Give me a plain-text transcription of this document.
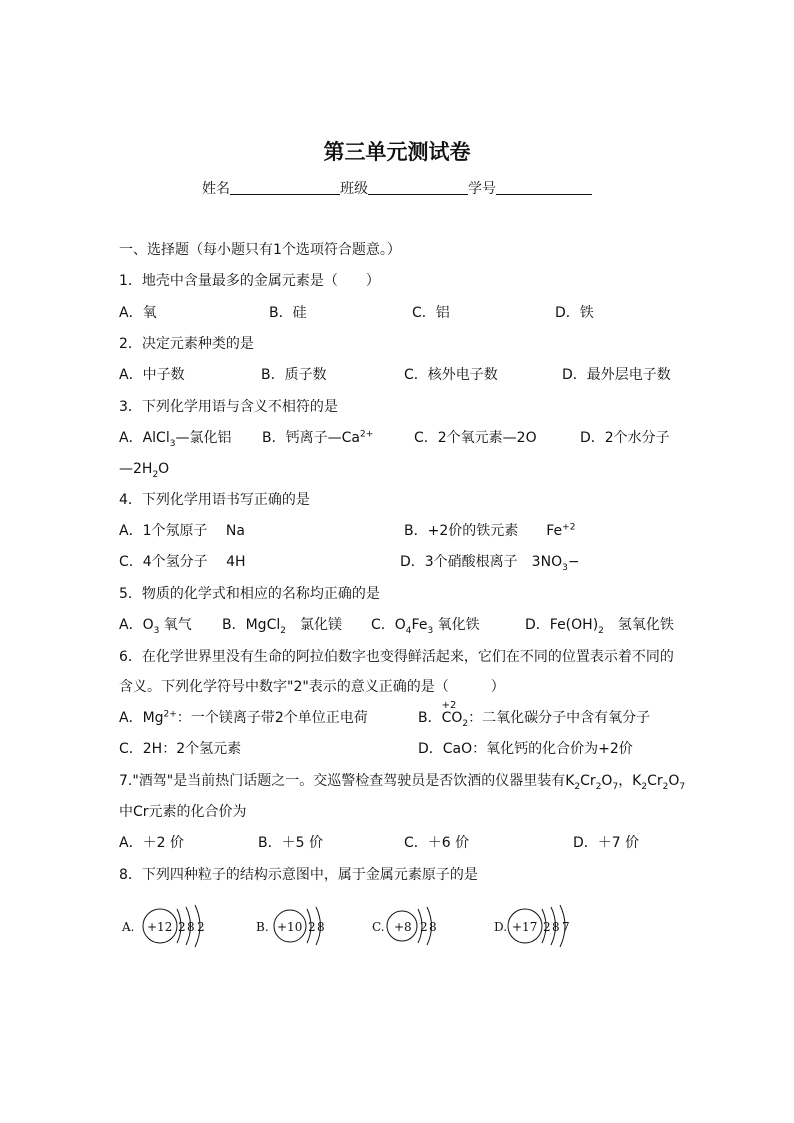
第三单元测试卷
姓名	班级	学号
一、选择题（每小题只有1个选项符合题意。）
1．地壳中含量最多的金属元素是（　　）
A．氧	B．硅	C．铝	D．铁
2．决定元素种类的是
A．中子数	B．质子数	C．核外电子数	D．最外层电子数
3．下列化学用语与含义不相符的是
A．AlCl$_3$—氯化铝 B．钙离子$—Ca^{2+}$	C．2个氧元素—2O	D．2个水分子
$—2H_2O$
4．下列化学用语书写正确的是
A．1个氖原子　 Na	B．+2价的铁元素　　$Fe^{+2}$
C．4个氢分子　 4H	D．3个硝酸根离子　$3NO_3-$
5．物质的化学式和相应的名称均正确的是
A．$O_3$ 氧气 B．MgCl$_2$　氯化镁 C．$O_4Fe_3$ 氧化铁	D．$Fe(OH)_2$　氢氧化铁
6．在化学世界里没有生命的阿拉伯数字也变得鲜活起来，它们在不同的位置表示着不同的
含义。下列化学符号中数字"2"表示的意义正确的是（　　　）
A．$Mg^{2+}$：一个镁离子带2个单位正电荷	B．
+2
$CO_2$：二氧化碳分子中含有氧分子
C．2H：2个氢元素	D．CaO：氧化钙的化合价为+2价
7."酒驾"是当前热门话题之一。交巡警检查驾驶员是否饮酒的仪器里装有$K_2Cr_2O_7$，$K_2Cr_2O_7$
中Cr元素的化合价为
A．＋2 价	B．＋5 价	C．＋6 价	D．＋7 价
8．下列四种粒子的结构示意图中，属于金属元素原子的是
A. +12 2 8 2	B. +10 2 8	C. +8 2 8	D. +17 2 8 7
